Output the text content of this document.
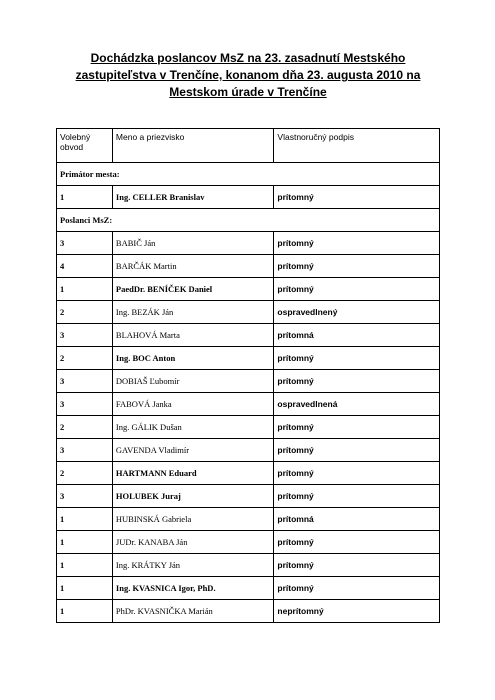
Dochádzka poslancov MsZ na 23. zasadnutí Mestského
zastupiteľstva v Trenčíne, konanom dňa 23. augusta 2010 na
Mestskom úrade v Trenčíne
Volebný obvod	Meno a priezvisko	Vlastnoručný podpis
Primátor mesta:		
1	Ing. CELLER Branislav	prítomný
Poslanci MsZ:		
3	BABIČ Ján	prítomný
4	BARČÁK Martin	prítomný
1	PaedDr. BENÍČEK Daniel	prítomný
2	Ing. BEZÁK Ján	ospravedlnený
3	BLAHOVÁ Marta	prítomná
2	Ing. BOC Anton	prítomný
3	DOBIAŠ Ľubomír	prítomný
3	FABOVÁ Janka	ospravedlnená
2	Ing. GÁLIK Dušan	prítomný
3	GAVENDA Vladimír	prítomný
2	HARTMANN Eduard	prítomný
3	HOLUBEK Juraj	prítomný
1	HUBINSKÁ Gabriela	prítomná
1	JUDr. KANABA Ján	prítomný
1	Ing. KRÁTKY Ján	prítomný
1	Ing. KVASNICA Igor, PhD.	prítomný
1	PhDr. KVASNIČKA Marián	neprítomný
